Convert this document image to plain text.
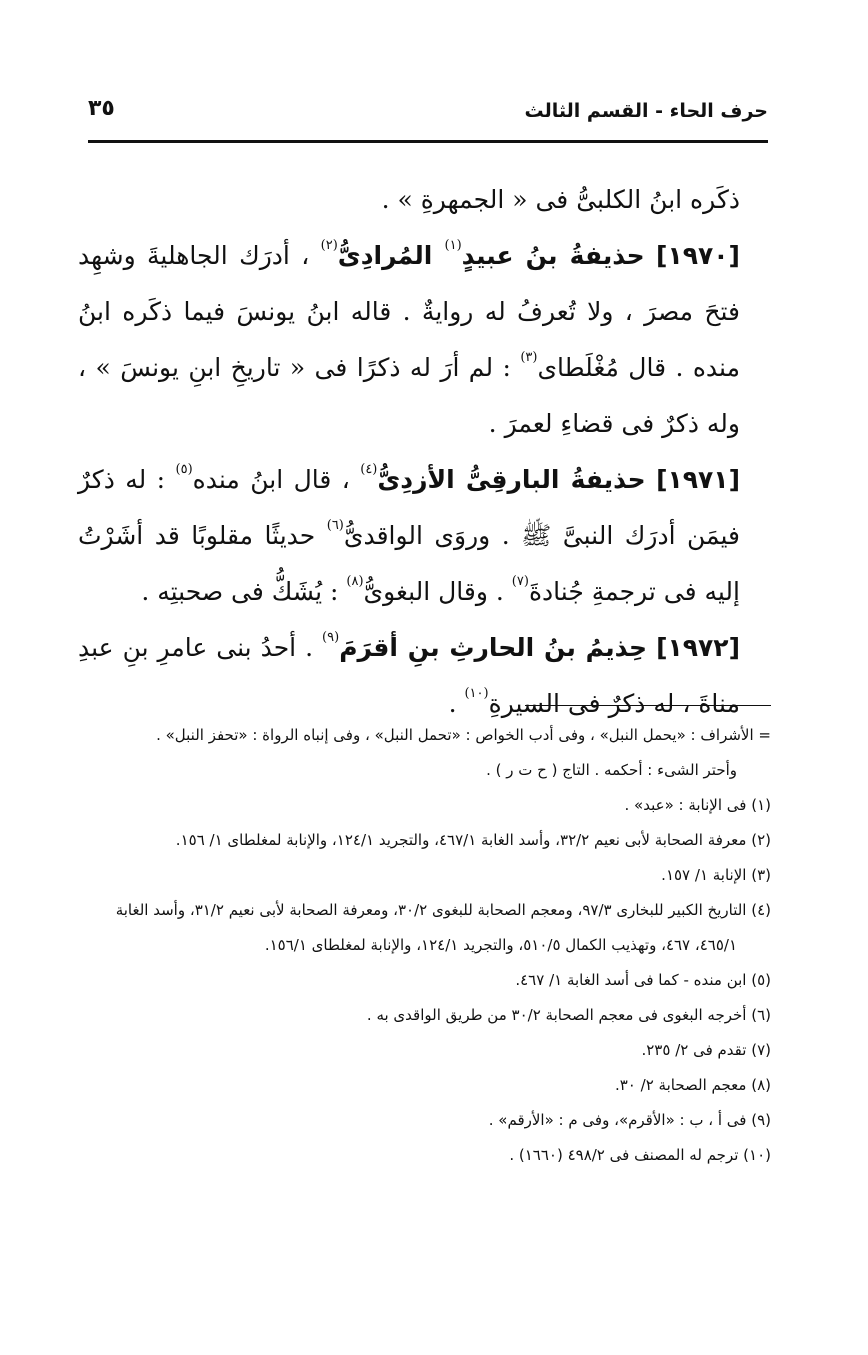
حرف الحاء - القسم الثالث
٣٥

ذكَره ابنُ الكلبىُّ فى « الجمهرةِ » .

[١٩٧٠] حذيفةُ بنُ عبيدٍ$^{(١)}$ المُرادِىُّ$^{(٢)}$ ، أدرَك الجاهليةَ وشهِد فتحَ مصرَ ، ولا تُعرفُ له روايةٌ . قاله ابنُ يونسَ فيما ذكَره ابنُ منده . قال مُغْلَطاى$^{(٣)}$ : لم أرَ له ذكرًا فى « تاريخِ ابنِ يونسَ » ، وله ذكرٌ فى قضاءِ لعمرَ .

[١٩٧١] حذيفةُ البارقِىُّ الأزدِىُّ$^{(٤)}$ ، قال ابنُ منده$^{(٥)}$ : له ذكرٌ فيمَن أدرَك النبىَّ ﷺ . وروَى الواقدىُّ$^{(٦)}$ حديثًا مقلوبًا قد أشَرْتُ إليه فى ترجمةِ جُنادةَ$^{(٧)}$ . وقال البغوىُّ$^{(٨)}$ : يُشَكُّ فى صحبتِه .

[١٩٧٢] حِذيمُ بنُ الحارثِ بنِ أقرَمَ$^{(٩)}$ . أحدُ بنى عامرِ بنِ عبدِ مناةَ ، له ذكرٌ فى السيرةِ$^{(١٠)}$ .

= الأشراف : «يحمل النبل» ، وفى أدب الخواص : «تحمل النبل» ، وفى إنباه الرواة : «تحفز النبل» .

وأحتر الشىء : أحكمه . التاج ( ح ت ر ) .

(١) فى الإنابة : «عبد» .

(٢) معرفة الصحابة لأبى نعيم ٣٢/٢، وأسد الغابة ٤٦٧/١، والتجريد ١٢٤/١، والإنابة لمغلطاى ١/ ١٥٦.

(٣) الإنابة ١/ ١٥٧.

(٤) التاريخ الكبير للبخارى ٩٧/٣، ومعجم الصحابة للبغوى ٣٠/٢، ومعرفة الصحابة لأبى نعيم ٣١/٢، وأسد الغابة ٤٦٥/١، ٤٦٧، وتهذيب الكمال ٥١٠/٥، والتجريد ١٢٤/١، والإنابة لمغلطاى ١٥٦/١.

(٥) ابن منده - كما فى أسد الغابة ١/ ٤٦٧.

(٦) أخرجه البغوى فى معجم الصحابة ٣٠/٢ من طريق الواقدى به .

(٧) تقدم فى ٢/ ٢٣٥.

(٨) معجم الصحابة ٢/ ٣٠.

(٩) فى أ ، ب : «الأقرم»، وفى م : «الأرقم» .

(١٠) ترجم له المصنف فى ٤٩٨/٢ (١٦٦٠) .
